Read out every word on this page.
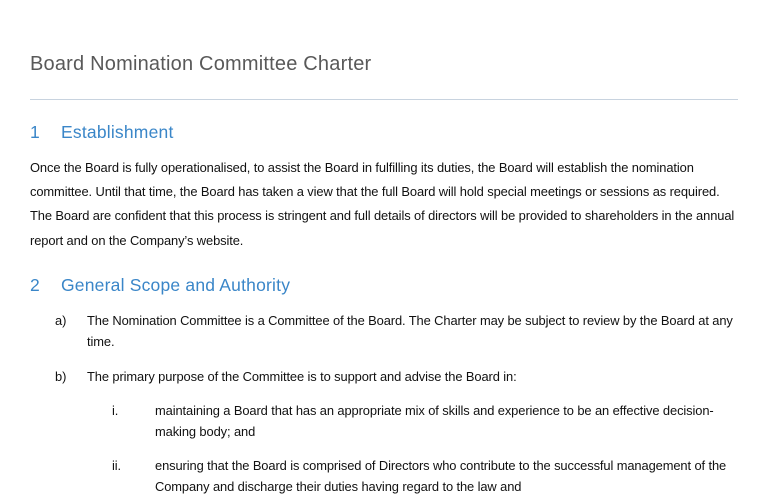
Board Nomination Committee Charter
1	Establishment

Once the Board is fully operationalised, to assist the Board in fulfilling its duties, the Board will establish the nomination committee. Until that time, the Board has taken a view that the full Board will hold special meetings or sessions as required. The Board are confident that this process is stringent and full details of directors will be provided to shareholders in the annual report and on the Company’s website.

2	General Scope and Authority
a)	The Nomination Committee is a Committee of the Board. The Charter may be subject to review by the Board at any time.
b)	The primary purpose of the Committee is to support and advise the Board in:
i.	maintaining a Board that has an appropriate mix of skills and experience to be an effective decision-making body; and
ii.	ensuring that the Board is comprised of Directors who contribute to the successful management of the Company and discharge their duties having regard to the law and
